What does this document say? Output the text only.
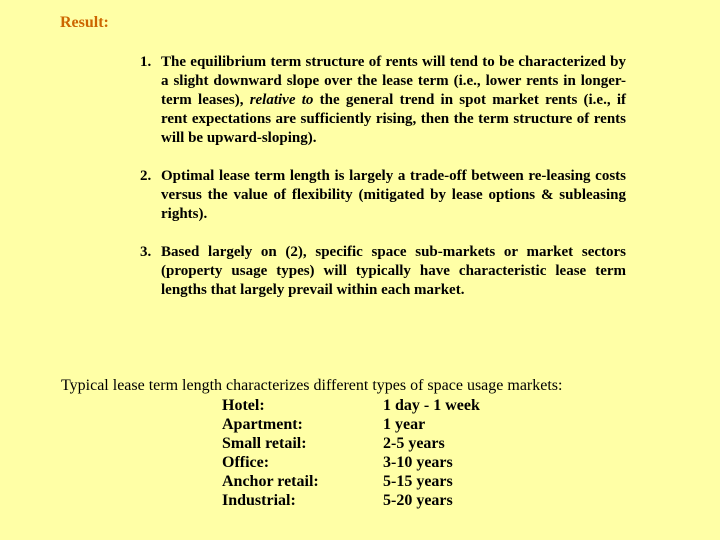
Result:
1. The equilibrium term structure of rents will tend to be characterized by a slight downward slope over the lease term (i.e., lower rents in longer-term leases), relative to the general trend in spot market rents (i.e., if rent expectations are sufficiently rising, then the term structure of rents will be upward-sloping).
2. Optimal lease term length is largely a trade-off between re-leasing costs versus the value of flexibility (mitigated by lease options & subleasing rights).
3. Based largely on (2), specific space sub-markets or market sectors (property usage types) will typically have characteristic lease term lengths that largely prevail within each market.
Typical lease term length characterizes different types of space usage markets:
Hotel:	1 day - 1 week
Apartment:	1 year
Small retail:	2-5 years
Office:	3-10 years
Anchor retail:	5-15 years
Industrial:	5-20 years
